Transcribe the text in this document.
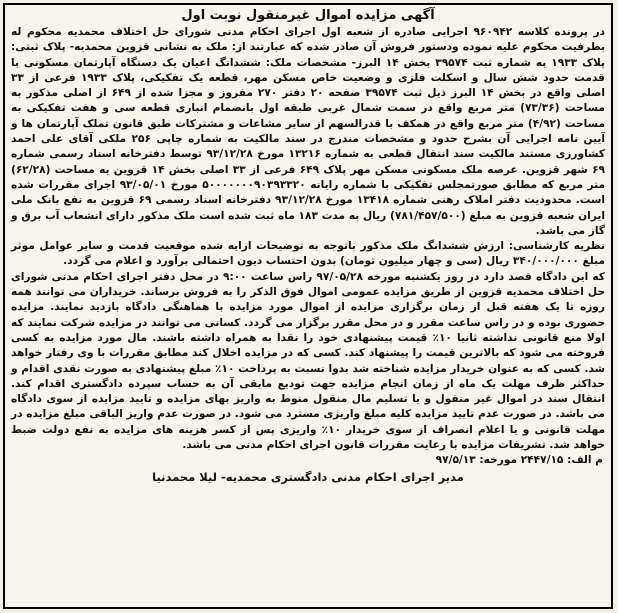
آگهی مزایده اموال غیرمنقول نوبت اول

در پرونده کلاسه ۹۶۰۹۴۲ اجرایی صادره از شعبه اول اجرای احکام مدنی شورای حل اختلاف محمدیه محکوم له بطرفیت محکوم علیه نموده ودستور فروش آن صادر شده که عبارتند از: ملک به نشانی قزوین محمدیه- پلاک ثبتی: پلاک ۱۹۳۳ به شماره ثبت ۳۹۵۷۴ بخش ۱۴ البرز- مشخصات ملک: ششدانگ اعیان یک دستگاه آپارتمان مسکونی با قدمت حدود شش سال و اسکلت فلزی و وضعیت خاص مسکن مهر، قطعه یک تفکیکی، پلاک ۱۹۳۳ فرعی از ۳۳ اصلی واقع در بخش ۱۴ البرز ذیل ثبت ۳۹۵۷۴ صفحه ۲۰ دفتر ۲۷۰ مفروز و مجزا شده از ۶۴۹ از اصلی مذکور به مساحت (۷۳/۳۶) متر مربع واقع در سمت شمال غربی طبقه اول بانضمام انباری قطعه سی و هفت تفکیکی به مساحت (۴/۹۲) متر مربع واقع در همکف با قدرالسهم از سایر مشاعات و مشترکات طبق قانون تملک آپارتمان ها و آیین نامه اجرایی آن بشرح حدود و مشخصات مندرج در سند مالکیت به شماره چاپی ۲۵۶ ملکی آقای علی احمد کشاورزی مستند مالکیت سند انتقال قطعی به شماره ۱۳۲۱۶ مورخ ۹۳/۱۲/۲۸ توسط دفترخانه اسناد رسمی شماره ۶۹ شهر قزوین. عرصه ملک مسکونی مسکن مهر پلاک ۶۴۹ فرعی از ۳۳ اصلی بخش ۱۴ قزوین به مساحت (۶۲/۲۸) متر مربع که مطابق صورتمجلس تفکیکی با شماره رایانه ۵۰۰۰۰۰۰۰۹۰۳۹۳۳۲۰ مورخ ۹۳/۰۵/۰۱ اجرای مقررات شده است. محدودیت دفتر املاک رهنی شماره ۱۳۴۱۸ مورخ ۹۳/۱۲/۲۸ دفترخانه اسناد رسمی ۶۹ قزوین به نفع بانک ملی ایران شعبه قزوین به مبلغ (۷۸۱/۴۵۷/۵۰۰) ریال به مدت ۱۸۳ ماه ثبت شده است ملک مذکور دارای انشعاب آب برق و گاز می باشد.

نظریه کارشناسی: ارزش ششدانگ ملک مذکور باتوجه به توضیحات ارایه شده موقعیت قدمت و سایر عوامل موثر مبلغ ۳۴۰/۰۰۰/۰۰۰ ریال (سی و چهار میلیون تومان) بدون احتساب دیون احتمالی برآورد و اعلام می گردد.

که این دادگاه قصد دارد در روز یکشنبه مورخه ۹۷/۰۵/۲۸ راس ساعت ۹:۰۰ در محل دفتر اجرای احکام مدنی شورای حل اختلاف محمدیه قزوین از طریق مزایده عمومی اموال فوق الذکر را به فروش برساند. خریداران می توانند همه روزه تا یک هفته قبل از زمان برگزاری مزایده از اموال مورد مزایده با هماهنگی دادگاه بازدید نمایند. مزایده حضوری بوده و در راس ساعت مقرر و در محل مقرر برگزار می گردد. کسانی می توانند در مزایده شرکت نمایند که اولا منع قانونی نداشته ثانیا ۱۰٪ قیمت پیشنهادی خود را نقدا به همراه داشته باشند. مال مورد مزایده به کسی فروخته می شود که بالاترین قیمت را پیشنهاد کند. کسی که در مزایده اخلال کند مطابق مقررات با وی رفتار خواهد شد. کسی که به عنوان خریدار مزایده شناخته شد بدوا نسبت به پرداخت ۱۰٪ مبلغ پیشنهادی به صورت نقدی اقدام و حداکثر ظرف مهلت یک ماه از زمان انجام مزایده جهت تودیع مابقی آن به حساب سپرده دادگستری اقدام کند. انتقال سند در اموال غیر منقول و یا تسلیم مال منقول منوط به واریز بهای مزایده و تایید مزایده از سوی دادگاه می باشد. در صورت عدم تایید مزایده کلیه مبلغ واریزی مسترد می شود. در صورت عدم واریز الباقی مبلغ مزایده در مهلت قانونی و یا اعلام انصراف از سوی خریدار ۱۰٪ واریزی پس از کسر هزینه های مزایده به نفع دولت ضبط خواهد شد. تشریفات مزایده با رعایت مقررات قانون اجرای احکام مدنی می باشد.

م الف: ۲۴۴۷/۱۵ مورخه: ۹۷/۵/۱۳
مدیر اجرای احکام مدنی دادگستری محمدیه- لیلا محمدنیا
